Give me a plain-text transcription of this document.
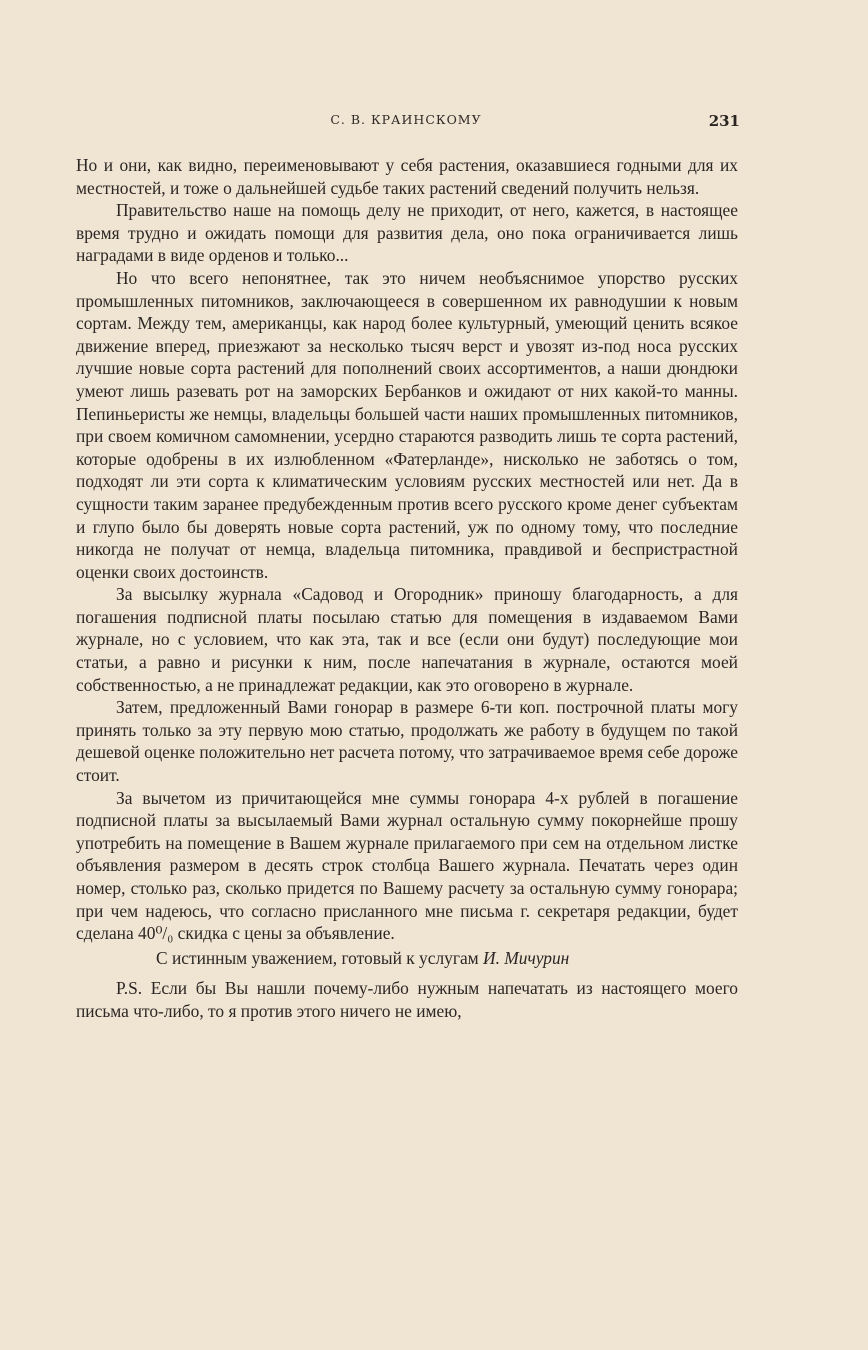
С. В. КРАИНСКОМУ	231

Но и они, как видно, переименовывают у себя растения, оказавшиеся годными для их местностей, и тоже о дальнейшей судьбе таких растений сведений получить нельзя.

Правительство наше на помощь делу не приходит, от него, кажется, в настоящее время трудно и ожидать помощи для развития дела, оно пока ограничивается лишь наградами в виде орденов и только...

Но что всего непонятнее, так это ничем необъяснимое упорство русских промышленных питомников, заключающееся в совершенном их равнодушии к новым сортам. Между тем, американцы, как народ более культурный, умеющий ценить всякое движение вперед, приезжают за несколько тысяч верст и увозят из-под носа русских лучшие новые сорта растений для пополнений своих ассортиментов, а наши дюндюки умеют лишь разевать рот на заморских Бербанков и ожидают от них какой-то манны. Пепиньеристы же немцы, владельцы большей части наших промышленных питомников, при своем комичном самомнении, усердно стараются разводить лишь те сорта растений, которые одобрены в их излюбленном «Фатерланде», нисколько не заботясь о том, подходят ли эти сорта к климатическим условиям русских местностей или нет. Да в сущности таким заранее предубежденным против всего русского кроме денег субъектам и глупо было бы доверять новые сорта растений, уж по одному тому, что последние никогда не получат от немца, владельца питомника, правдивой и беспристрастной оценки своих достоинств.

За высылку журнала «Садовод и Огородник» приношу благодарность, а для погашения подписной платы посылаю статью для помещения в издаваемом Вами журнале, но с условием, что как эта, так и все (если они будут) последующие мои статьи, а равно и рисунки к ним, после напечатания в журнале, остаются моей собственностью, а не принадлежат редакции, как это оговорено в журнале.

Затем, предложенный Вами гонорар в размере 6-ти коп. построчной платы могу принять только за эту первую мою статью, продолжать же работу в будущем по такой дешевой оценке положительно нет расчета потому, что затрачиваемое время себе дороже стоит.

За вычетом из причитающейся мне суммы гонорара 4-х рублей в погашение подписной платы за высылаемый Вами журнал остальную сумму покорнейше прошу употребить на помещение в Вашем журнале прилагаемого при сем на отдельном листке объявления размером в десять строк столбца Вашего журнала. Печатать через один номер, столько раз, сколько придется по Вашему расчету за остальную сумму гонорара; при чем надеюсь, что согласно присланного мне письма г. секретаря редакции, будет сделана 40⁰/₀ скидка с цены за объявление.

С истинным уважением, готовый к услугам И. Мичурин

P.S. Если бы Вы нашли почему-либо нужным напечатать из настоящего моего письма что-либо, то я против этого ничего не имею,
